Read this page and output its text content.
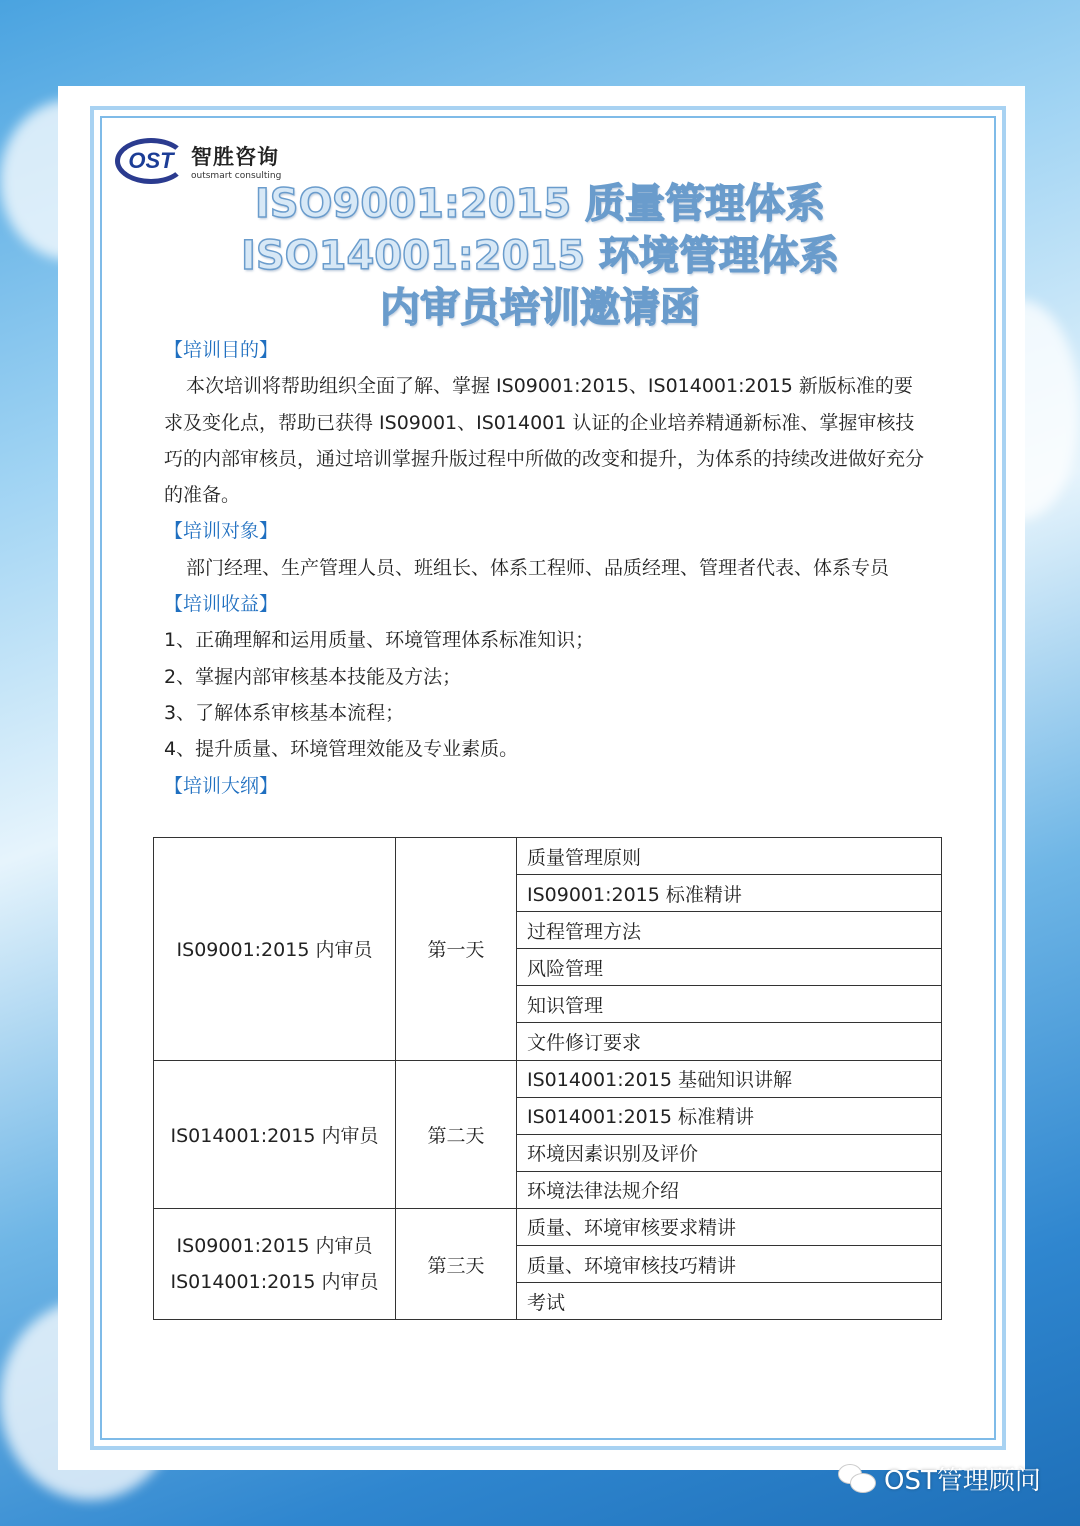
OST 智胜咨询
outsmart consulting
ISO9001:2015 质量管理体系
ISO14001:2015 环境管理体系
内审员培训邀请函
【培训目的】
本次培训将帮助组织全面了解、掌握 IS09001:2015、IS014001:2015 新版标准的要求及变化点，帮助已获得 IS09001、IS014001 认证的企业培养精通新标准、掌握审核技巧的内部审核员，通过培训掌握升版过程中所做的改变和提升，为体系的持续改进做好充分的准备。
【培训对象】
部门经理、生产管理人员、班组长、体系工程师、品质经理、管理者代表、体系专员
【培训收益】
1、正确理解和运用质量、环境管理体系标准知识；
2、掌握内部审核基本技能及方法；
3、了解体系审核基本流程；
4、提升质量、环境管理效能及专业素质。
【培训大纲】
IS09001:2015 内审员	第一天	质量管理原则
		IS09001:2015 标准精讲
		过程管理方法
		风险管理
		知识管理
		文件修订要求
IS014001:2015 内审员	第二天	IS014001:2015 基础知识讲解
		IS014001:2015 标准精讲
		环境因素识别及评价
		环境法律法规介绍

IS09001:2015 内审员
IS014001:2015 内审员	第三天	质量、环境审核要求精讲
		质量、环境审核技巧精讲
		考试
OST管理顾问
